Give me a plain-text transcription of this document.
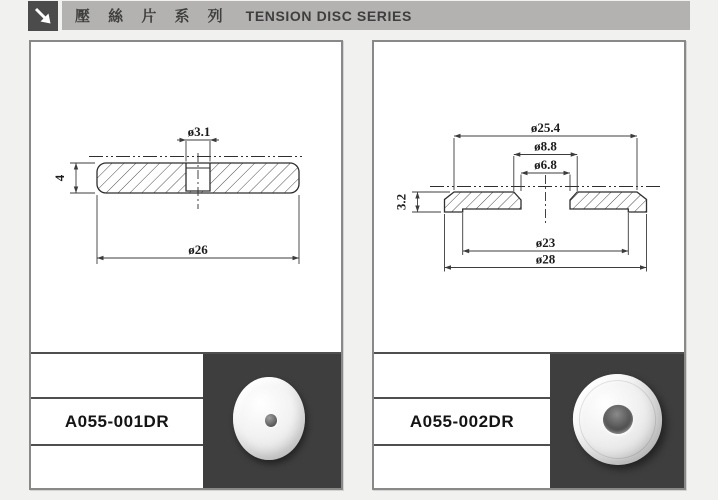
壓 絲 片 系 列 TENSION DISC SERIES
ø3.1
4
ø26
A055-001DR
ø25.4
ø8.8
ø6.8
3.2
ø23
ø28
A055-002DR
